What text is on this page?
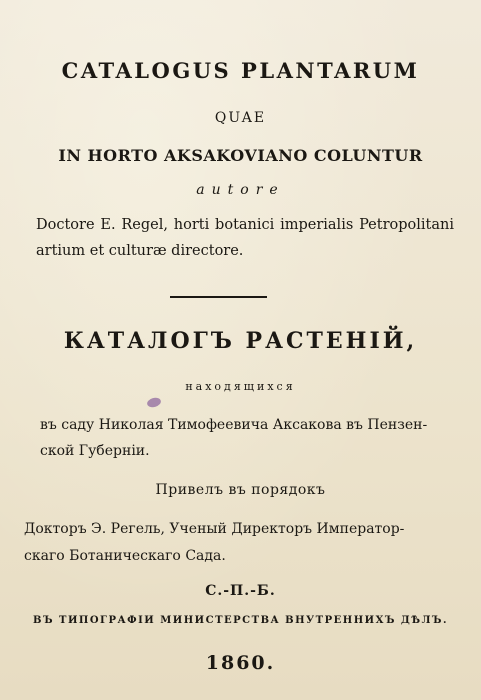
CATALOGUS PLANTARUM
QUAE
IN HORTO AKSAKOVIANO COLUNTUR
autore
Doctore E. Regel, horti botanici imperialis Petropolitani artium et culturæ directore.
КАТАЛОГЪ РАСТЕНІЙ,
находящихся
въ саду Николая Тимофеевича Аксакова въ Пензен-
ской Губерніи.
Привелъ въ порядокъ
Докторъ Э. Регель, Ученый Директоръ Император-
скаго Ботаническаго Сада.
С.-П.-Б.
ВЪ ТИПОГРАФІИ МИНИСТЕРСТВА ВНУТРЕННИХЪ ДѢЛЪ.
1860.
